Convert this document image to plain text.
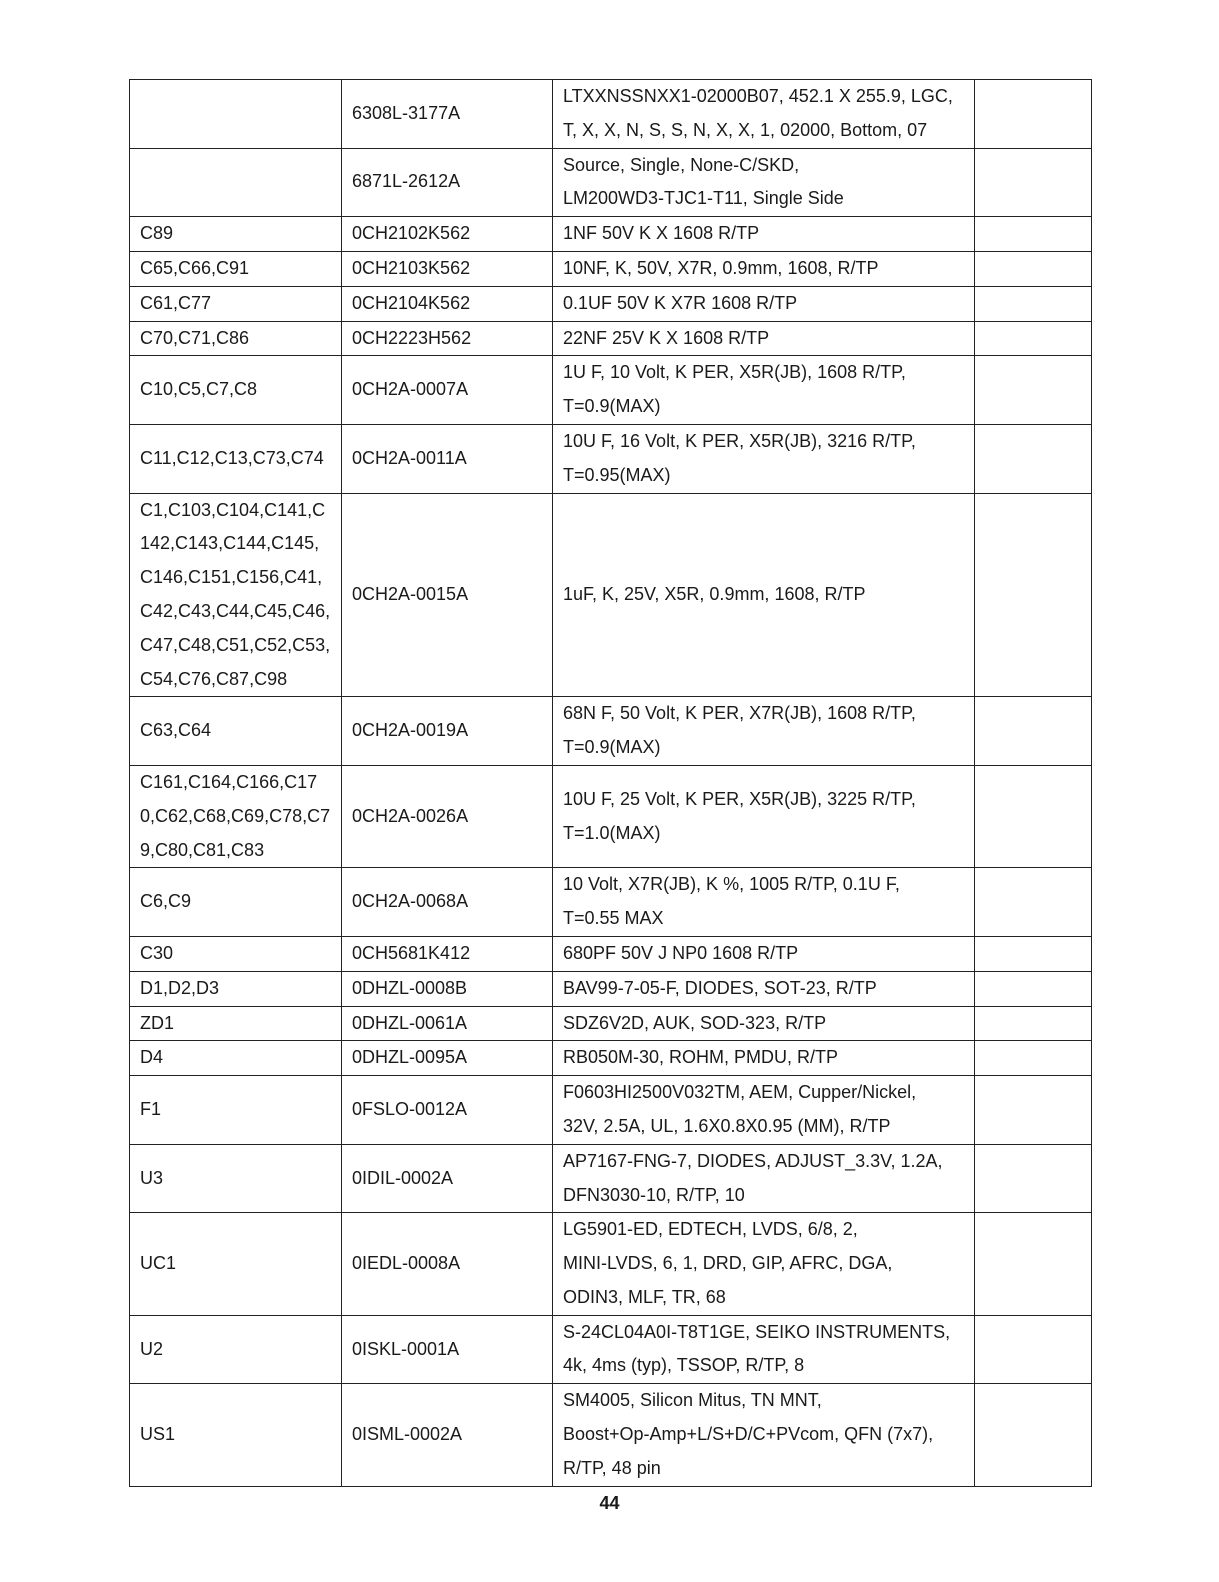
	6308L-3177A	LTXXNSSNXX1-02000B07, 452.1 X 255.9, LGC,
T, X, X, N, S, S, N, X, X, 1, 02000, Bottom, 07	

	6871L-2612A	Source, Single, None-C/SKD,
LM200WD3-TJC1-T11, Single Side	

C89	0CH2102K562	1NF 50V K X 1608 R/TP	

C65,C66,C91	0CH2103K562	10NF, K, 50V, X7R, 0.9mm, 1608, R/TP	

C61,C77	0CH2104K562	0.1UF 50V K X7R 1608 R/TP	

C70,C71,C86	0CH2223H562	22NF 25V K X 1608 R/TP	

C10,C5,C7,C8	0CH2A-0007A	1U F, 10 Volt, K PER, X5R(JB), 1608 R/TP,
T=0.9(MAX)	

C11,C12,C13,C73,C74	0CH2A-0011A	10U F, 16 Volt, K PER, X5R(JB), 3216 R/TP,
T=0.95(MAX)	

C1,C103,C104,C141,C142,C143,C144,C145,C146,C151,C156,C41,C42,C43,C44,C45,C46,C47,C48,C51,C52,C53,C54,C76,C87,C98	0CH2A-0015A	1uF, K, 25V, X5R, 0.9mm, 1608, R/TP	

C63,C64	0CH2A-0019A	68N F, 50 Volt, K PER, X7R(JB), 1608 R/TP,
T=0.9(MAX)	

C161,C164,C166,C170,C62,C68,C69,C78,C79,C80,C81,C83	0CH2A-0026A	10U F, 25 Volt, K PER, X5R(JB), 3225 R/TP,
T=1.0(MAX)	

C6,C9	0CH2A-0068A	10 Volt, X7R(JB), K %, 1005 R/TP, 0.1U F,
T=0.55 MAX	

C30	0CH5681K412	680PF 50V J NP0 1608 R/TP	

D1,D2,D3	0DHZL-0008B	BAV99-7-05-F, DIODES, SOT-23, R/TP	

ZD1	0DHZL-0061A	SDZ6V2D, AUK, SOD-323, R/TP	

D4	0DHZL-0095A	RB050M-30, ROHM, PMDU, R/TP	

F1	0FSLO-0012A	F0603HI2500V032TM, AEM, Cupper/Nickel,
32V, 2.5A, UL, 1.6X0.8X0.95 (MM), R/TP	

U3	0IDIL-0002A	AP7167-FNG-7, DIODES, ADJUST_3.3V, 1.2A,
DFN3030-10, R/TP, 10	

UC1	0IEDL-0008A	LG5901-ED, EDTECH, LVDS, 6/8, 2,
MINI-LVDS, 6, 1, DRD, GIP, AFRC, DGA,
ODIN3, MLF, TR, 68	

U2	0ISKL-0001A	S-24CL04A0I-T8T1GE, SEIKO INSTRUMENTS,
4k, 4ms (typ), TSSOP, R/TP, 8	

US1	0ISML-0002A	SM4005, Silicon Mitus, TN MNT,
Boost+Op-Amp+L/S+D/C+PVcom, QFN (7x7),
R/TP, 48 pin	

44
